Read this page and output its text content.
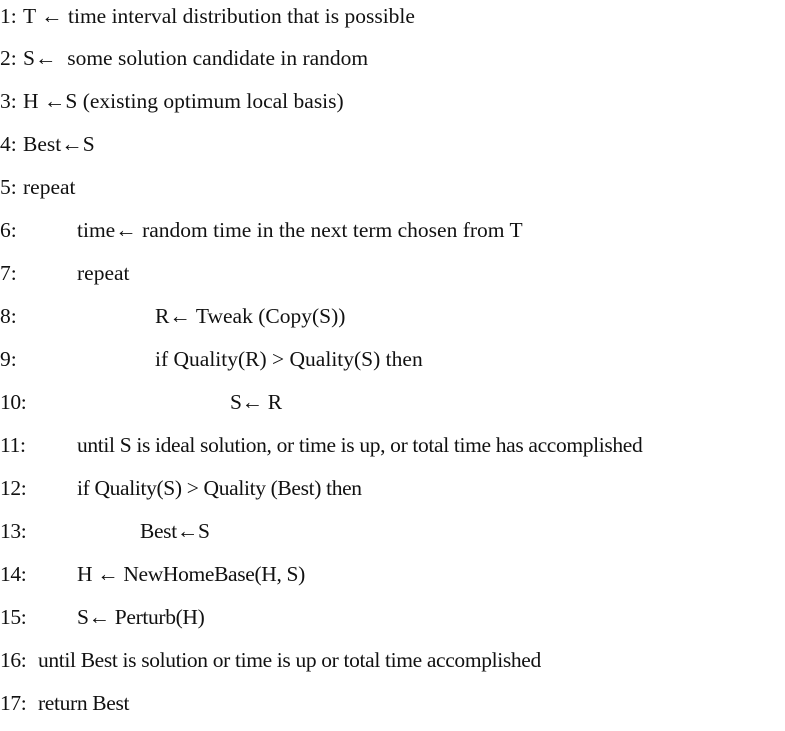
1: T ← time interval distribution that is possible
2: S←  some solution candidate in random
3: H ←S (existing optimum local basis)
4: Best←S
5: repeat
6:	time← random time in the next term chosen from T
7:	repeat
8:	R← Tweak (Copy(S))
9:	if Quality(R) > Quality(S) then
10:	S← R
11: until S is ideal solution, or time is up, or total time has accomplished
12: if Quality(S) > Quality (Best) then
13:	Best←S
14: H ← NewHomeBase(H, S)
15: S← Perturb(H)
16: until Best is solution or time is up or total time accomplished
17: return Best
